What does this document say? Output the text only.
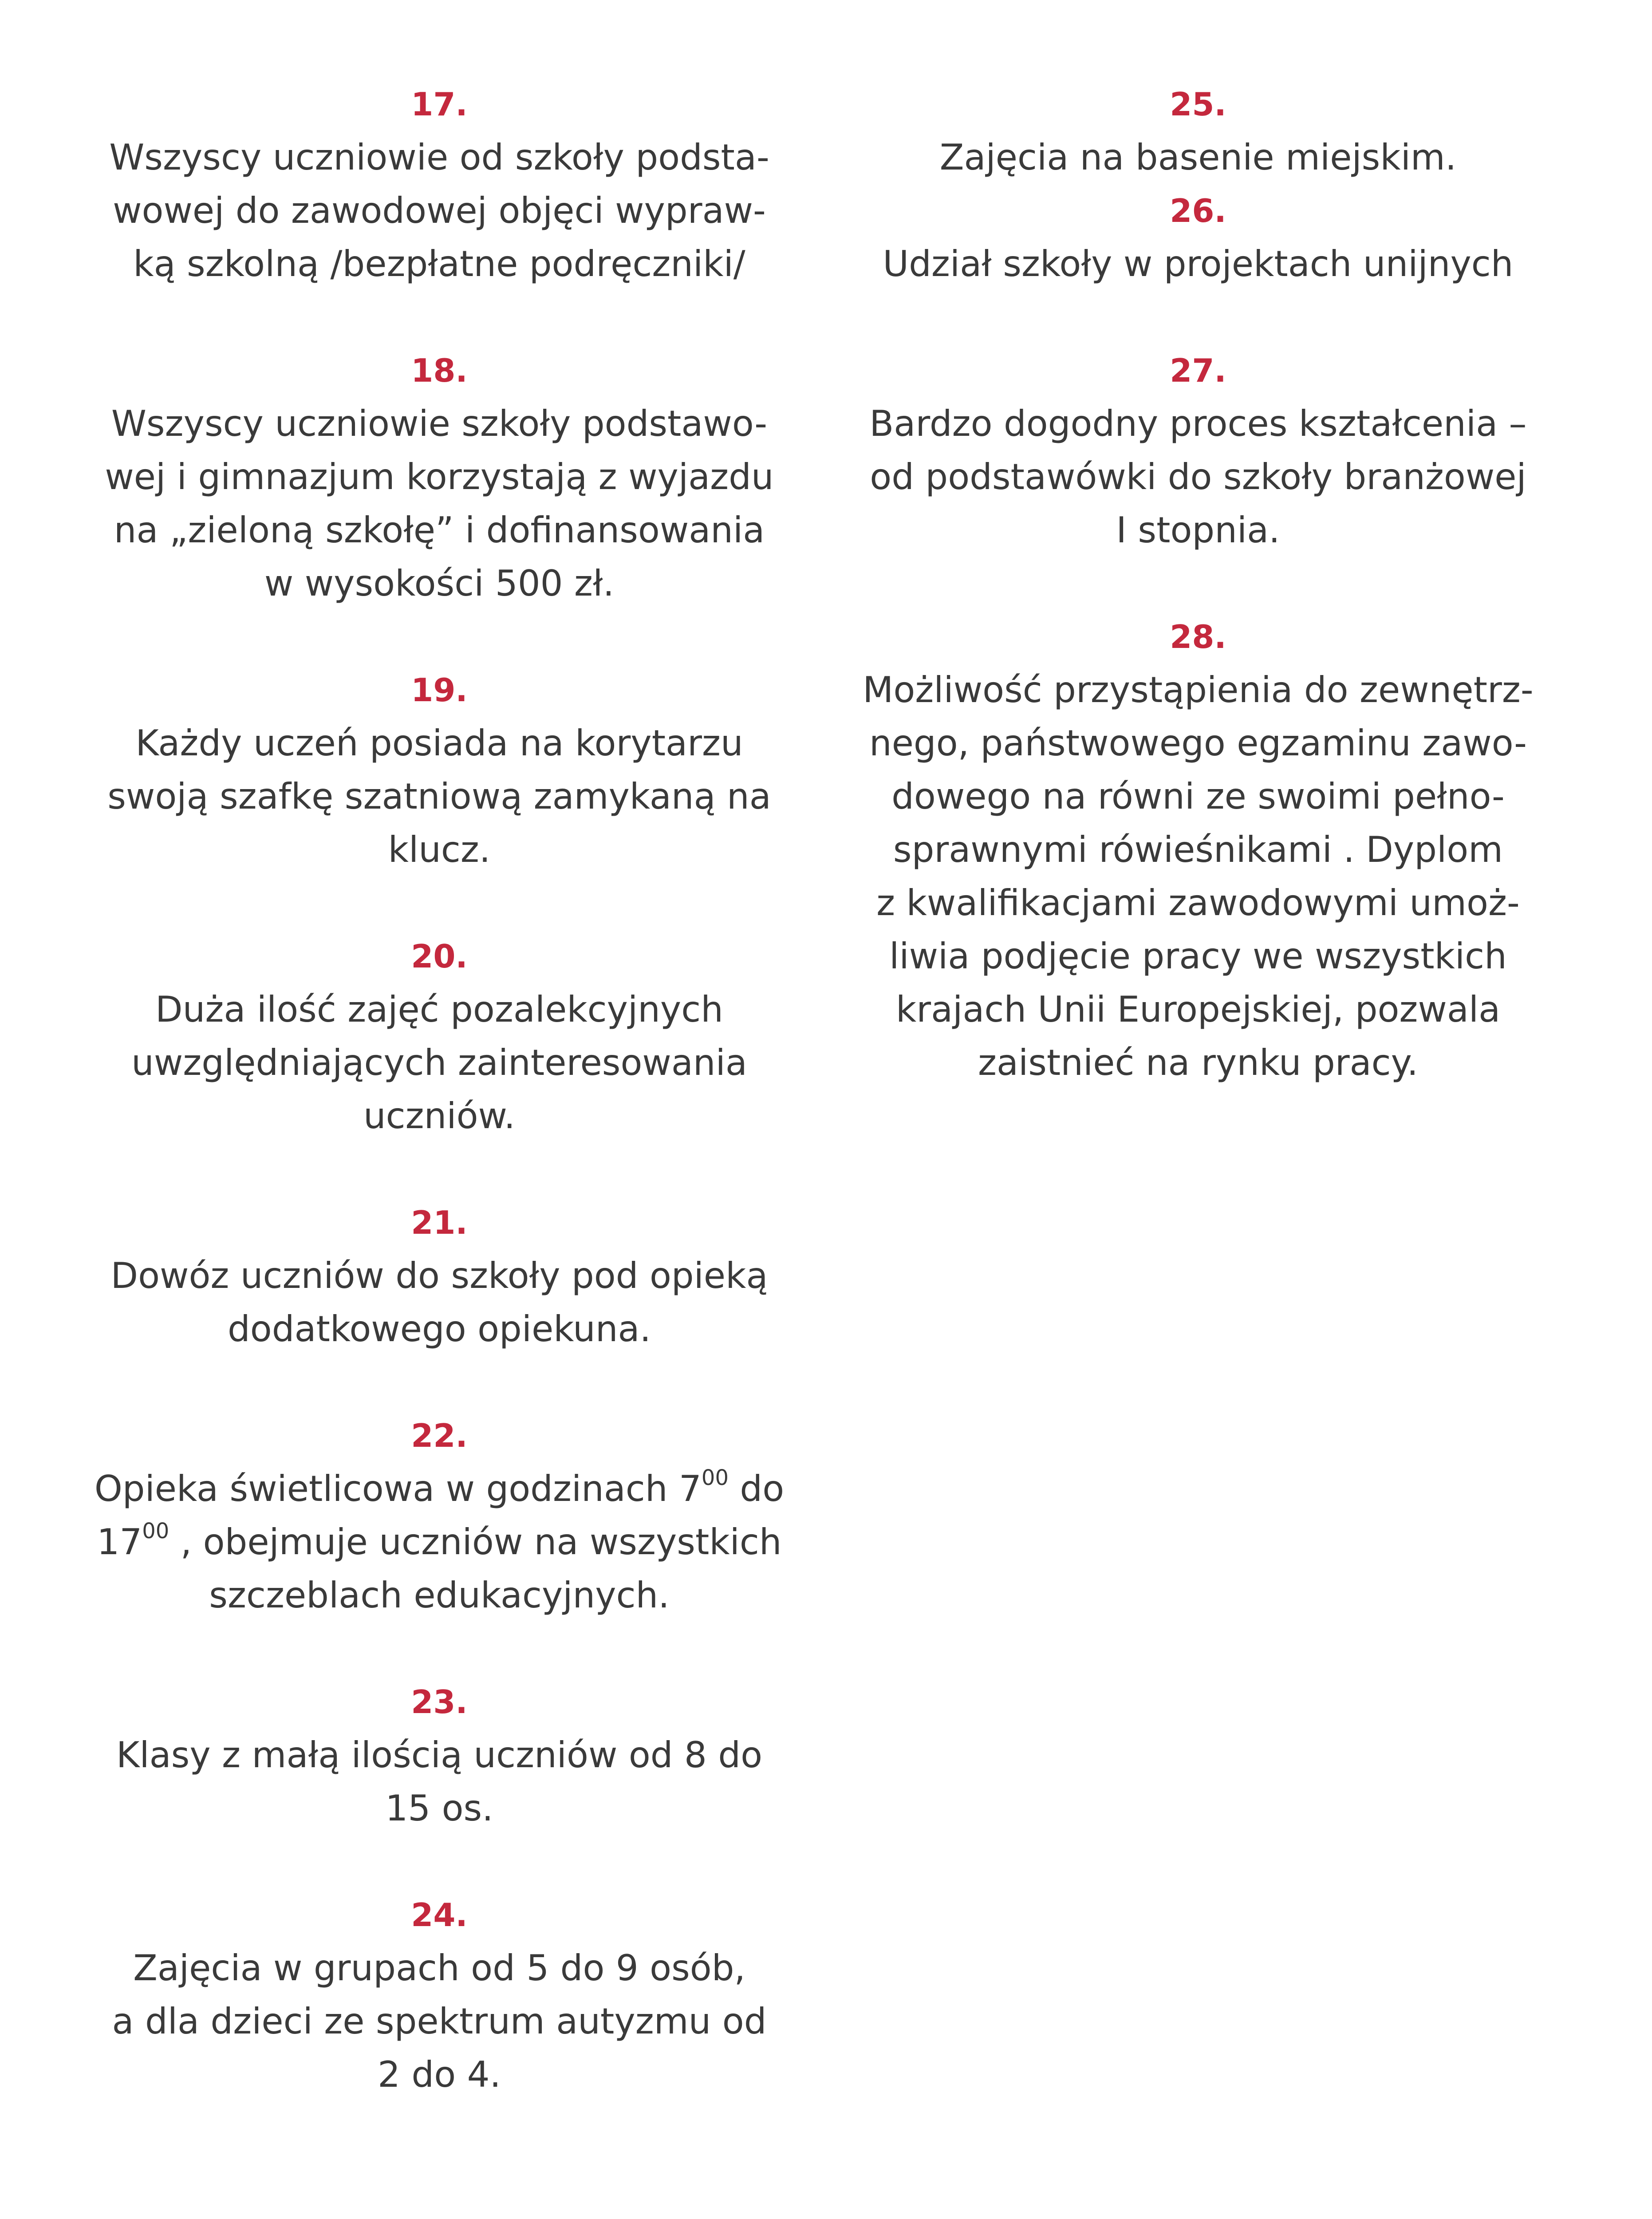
17.
Wszyscy uczniowie od szkoły podsta-
wowej do zawodowej objęci wypraw-
ką szkolną /bezpłatne podręczniki/
18.
Wszyscy uczniowie szkoły podstawo-
wej i gimnazjum korzystają z wyjazdu
na „zieloną szkołę” i dofinansowania
w wysokości 500 zł.
19.
Każdy uczeń posiada na korytarzu
swoją szafkę szatniową zamykaną na
klucz.
20.
Duża ilość zajęć pozalekcyjnych
uwzględniających zainteresowania
uczniów.
21.
Dowóz uczniów do szkoły pod opieką
dodatkowego opiekuna.
22.
Opieka świetlicowa w godzinach $7^{00}$ do
$17^{00}$ , obejmuje uczniów na wszystkich
szczeblach edukacyjnych.
23.
Klasy z małą ilością uczniów od 8 do
15 os.
24.
Zajęcia w grupach od 5 do 9 osób,
a dla dzieci ze spektrum autyzmu od
2 do 4.
25.
Zajęcia na basenie miejskim.
26.
Udział szkoły w projektach unijnych
27.
Bardzo dogodny proces kształcenia –
od podstawówki do szkoły branżowej
I stopnia.
28.
Możliwość przystąpienia do zewnętrz-
nego, państwowego egzaminu zawo-
dowego na równi ze swoimi pełno-
sprawnymi rówieśnikami . Dyplom
z kwalifikacjami zawodowymi umoż-
liwia podjęcie pracy we wszystkich
krajach Unii Europejskiej, pozwala
zaistnieć na rynku pracy.
